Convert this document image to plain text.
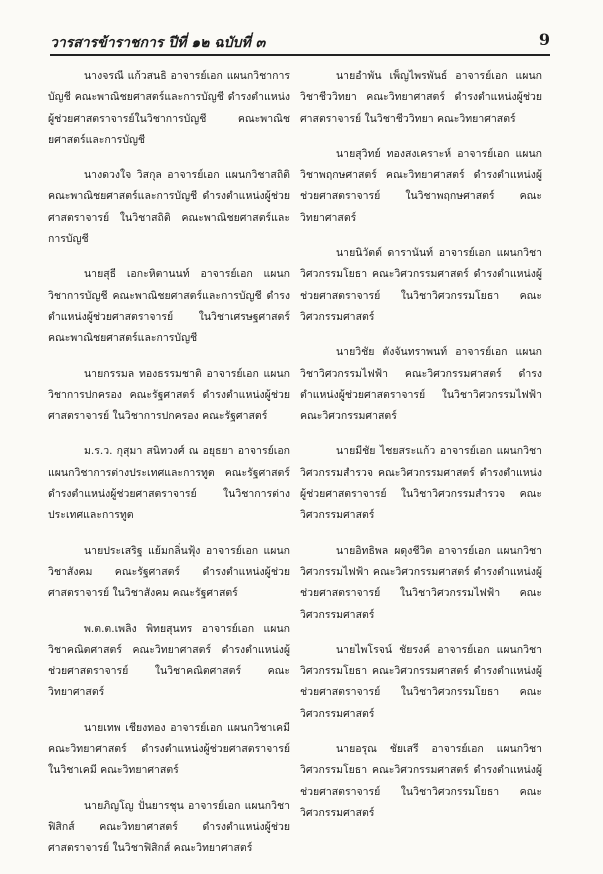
วารสารข้าราชการ ปีที่ ๑๒ ฉบับที่ ๓	9

นางจรณี แก้วสนธิ อาจารย์เอก แผนกวิชาการบัญชี คณะพาณิชยศาสตร์และการบัญชี ดำรงตำแหน่งผู้ช่วยศาสตราจารย์ในวิชาการบัญชี คณะพาณิชยศาสตร์และการบัญชี

นางดวงใจ วิสกุล อาจารย์เอก แผนกวิชาสถิติ คณะพาณิชยศาสตร์และการบัญชี ดำรงตำแหน่งผู้ช่วยศาสตราจารย์ ในวิชาสถิติ คณะพาณิชยศาสตร์และการบัญชี

นายสุธี เอกะหิตานนท์ อาจารย์เอก แผนกวิชาการบัญชี คณะพาณิชยศาสตร์และการบัญชี ดำรงตำแหน่งผู้ช่วยศาสตราจารย์ ในวิชาเศรษฐศาสตร์ คณะพาณิชยศาสตร์และการบัญชี

นายกรรมล ทองธรรมชาติ อาจารย์เอก แผนกวิชาการปกครอง คณะรัฐศาสตร์ ดำรงตำแหน่งผู้ช่วยศาสตราจารย์ ในวิชาการปกครอง คณะรัฐศาสตร์

ม.ร.ว. กุสุมา สนิทวงศ์ ณ อยุธยา อาจารย์เอก แผนกวิชาการต่างประเทศและการทูต คณะรัฐศาสตร์ ดำรงตำแหน่งผู้ช่วยศาสตราจารย์ ในวิชาการต่างประเทศและการทูต

นายประเสริฐ แย้มกลิ่นฟุ้ง อาจารย์เอก แผนกวิชาสังคม คณะรัฐศาสตร์ ดำรงตำแหน่งผู้ช่วยศาสตราจารย์ ในวิชาสังคม คณะรัฐศาสตร์

พ.ต.ต.เพลิง พิทยสุนทร อาจารย์เอก แผนกวิชาคณิตศาสตร์ คณะวิทยาศาสตร์ ดำรงตำแหน่งผู้ช่วยศาสตราจารย์ ในวิชาคณิตศาสตร์ คณะวิทยาศาสตร์

นายเทพ เชียงทอง อาจารย์เอก แผนกวิชาเคมี คณะวิทยาศาสตร์ ดำรงตำแหน่งผู้ช่วยศาสตราจารย์ ในวิชาเคมี คณะวิทยาศาสตร์

นายภิญโญ ปั่นยารชุน อาจารย์เอก แผนกวิชาฟิสิกส์ คณะวิทยาศาสตร์ ดำรงตำแหน่งผู้ช่วยศาสตราจารย์ ในวิชาฟิสิกส์ คณะวิทยาศาสตร์

นายอำพัน เพ็ญไพรพันธ์ อาจารย์เอก แผนกวิชาชีววิทยา คณะวิทยาศาสตร์ ดำรงตำแหน่งผู้ช่วยศาสตราจารย์ ในวิชาชีววิทยา คณะวิทยาศาสตร์

นายสุวิทย์ ทองสงเคราะห์ อาจารย์เอก แผนกวิชาพฤกษศาสตร์ คณะวิทยาศาสตร์ ดำรงตำแหน่งผู้ช่วยศาสตราจารย์ ในวิชาพฤกษศาสตร์ คณะวิทยาศาสตร์

นายนิวัตต์ ดารานันท์ อาจารย์เอก แผนกวิชาวิศวกรรมโยธา คณะวิศวกรรมศาสตร์ ดำรงตำแหน่งผู้ช่วยศาสตราจารย์ ในวิชาวิศวกรรมโยธา คณะวิศวกรรมศาสตร์

นายวิชัย ตังจันทราพนท์ อาจารย์เอก แผนกวิชาวิศวกรรมไฟฟ้า คณะวิศวกรรมศาสตร์ ดำรงตำแหน่งผู้ช่วยศาสตราจารย์ ในวิชาวิศวกรรมไฟฟ้า คณะวิศวกรรมศาสตร์

นายมีชัย ไชยสระแก้ว อาจารย์เอก แผนกวิชาวิศวกรรมสำรวจ คณะวิศวกรรมศาสตร์ ดำรงตำแหน่งผู้ช่วยศาสตราจารย์ ในวิชาวิศวกรรมสำรวจ คณะวิศวกรรมศาสตร์

นายอิทธิพล ผดุงชีวิต อาจารย์เอก แผนกวิชาวิศวกรรมไฟฟ้า คณะวิศวกรรมศาสตร์ ดำรงตำแหน่งผู้ช่วยศาสตราจารย์ ในวิชาวิศวกรรมไฟฟ้า คณะวิศวกรรมศาสตร์

นายไพโรจน์ ชัยรงค์ อาจารย์เอก แผนกวิชาวิศวกรรมโยธา คณะวิศวกรรมศาสตร์ ดำรงตำแหน่งผู้ช่วยศาสตราจารย์ ในวิชาวิศวกรรมโยธา คณะวิศวกรรมศาสตร์

นายอรุณ ชัยเสรี อาจารย์เอก แผนกวิชาวิศวกรรมโยธา คณะวิศวกรรมศาสตร์ ดำรงตำแหน่งผู้ช่วยศาสตราจารย์ ในวิชาวิศวกรรมโยธา คณะวิศวกรรมศาสตร์
